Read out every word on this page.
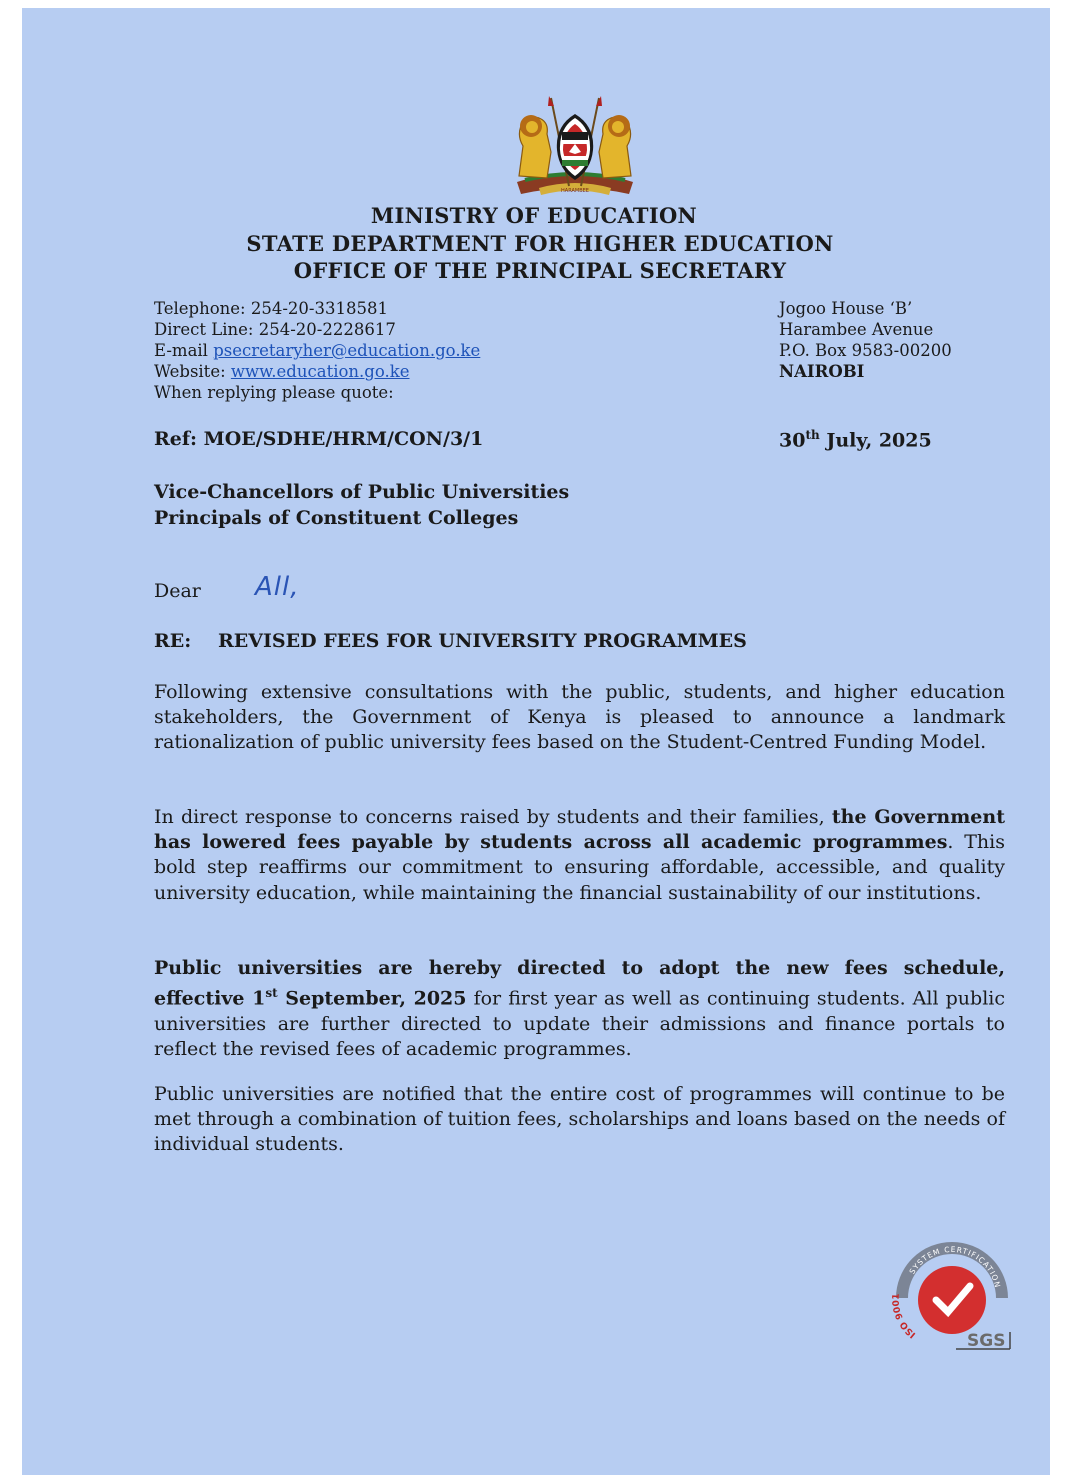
HARAMBEE
MINISTRY OF EDUCATION
STATE DEPARTMENT FOR HIGHER EDUCATION
OFFICE OF THE PRINCIPAL SECRETARY
Telephone: 254-20-3318581
Direct Line: 254-20-2228617
E-mail psecretaryher@education.go.ke
Website: www.education.go.ke
When replying please quote:
Jogoo House ‘B’
Harambee Avenue
P.O. Box 9583-00200
NAIROBI
Ref: MOE/SDHE/HRM/CON/3/1	30th July, 2025
Vice-Chancellors of Public Universities
Principals of Constituent Colleges
Dear All,
RE: REVISED FEES FOR UNIVERSITY PROGRAMMES

Following extensive consultations with the public, students, and higher education stakeholders, the Government of Kenya is pleased to announce a landmark rationalization of public university fees based on the Student-Centred Funding Model.

In direct response to concerns raised by students and their families, the Government has lowered fees payable by students across all academic programmes. This bold step reaffirms our commitment to ensuring affordable, accessible, and quality university education, while maintaining the financial sustainability of our institutions.

Public universities are hereby directed to adopt the new fees schedule, effective 1st September, 2025 for first year as well as continuing students. All public universities are further directed to update their admissions and finance portals to reflect the revised fees of academic programmes.

Public universities are notified that the entire cost of programmes will continue to be met through a combination of tuition fees, scholarships and loans based on the needs of individual students.

SYSTEM CERTIFICATION
ISO 9001
SGS
